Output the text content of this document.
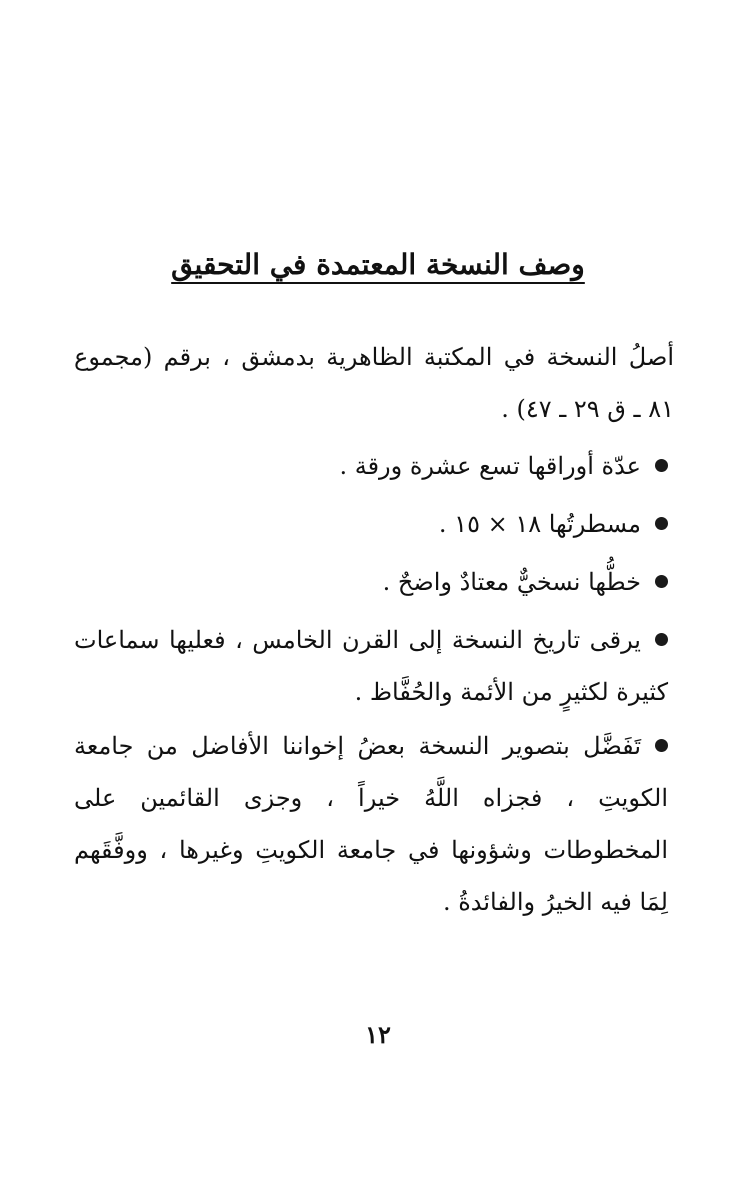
وصف النسخة المعتمدة في التحقيق
أصلُ النسخة في المكتبة الظاهرية بدمشق ، برقم (مجموع ٨١ ـ ق ٢٩ ـ ٤٧) .
عدّة أوراقها تسع عشرة ورقة .
مسطرتُها ١٨ × ١٥ .
خطُّها نسخيٌّ معتادٌ واضحٌ .
يرقى تاريخ النسخة إلى القرن الخامس ، فعليها سماعات كثيرة لكثيرٍ من الأئمة والحُفَّاظ .
تَفَضَّل بتصوير النسخة بعضُ إخواننا الأفاضل من جامعة الكويتِ ، فجزاه اللَّهُ خيراً ، وجزى القائمين على المخطوطات وشؤونها في جامعة الكويتِ وغيرها ، ووفَّقَهم لِمَا فيه الخيرُ والفائدةُ .
١٢
